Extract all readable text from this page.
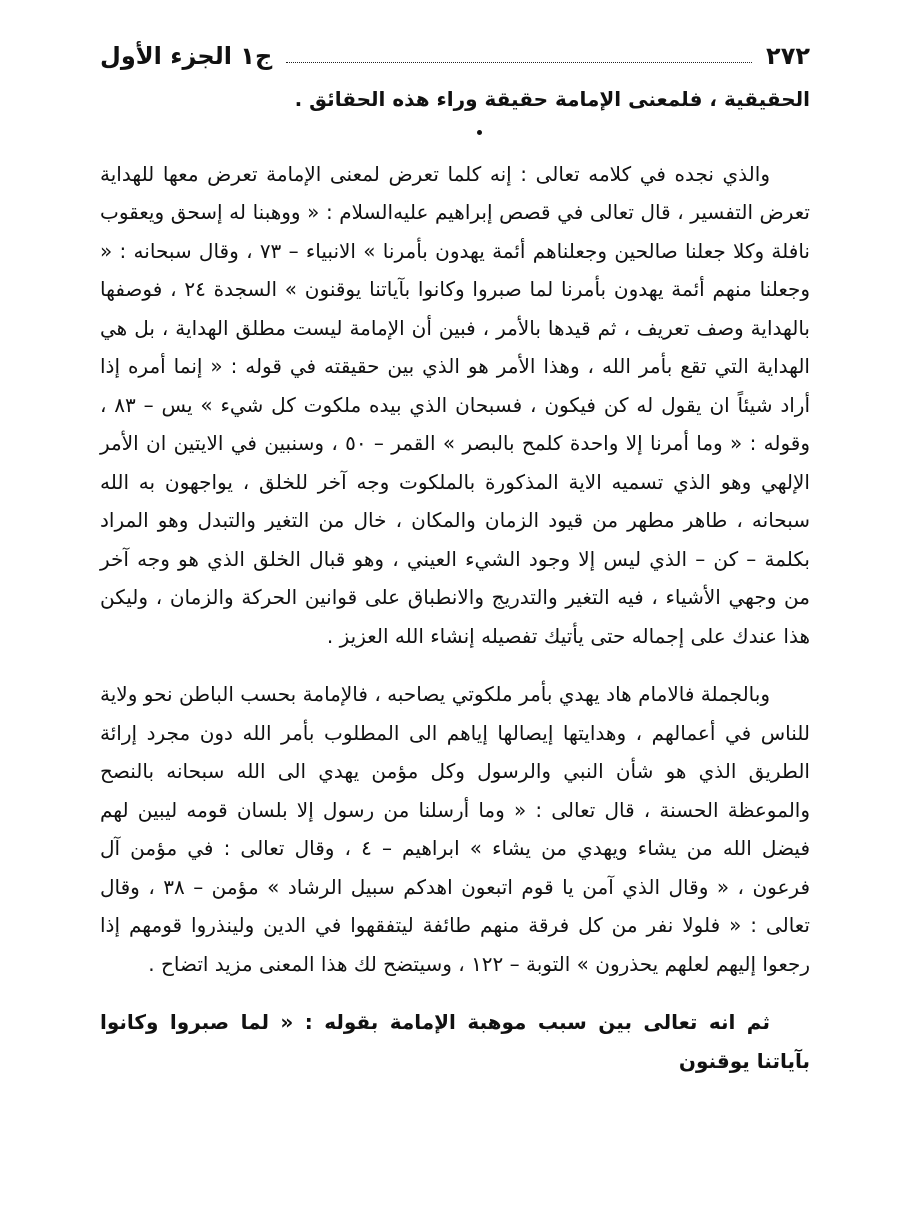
ج١ الجزء الأول	٢٧٢

الحقيقية ، فلمعنى الإمامة حقيقة وراء هذه الحقائق .

والذي نجده في كلامه تعالى : إنه كلما تعرض لمعنى الإمامة تعرض معها للهداية تعرض التفسير ، قال تعالى في قصص إبراهيم عليه‌السلام : « ووهبنا له إسحق ويعقوب نافلة وكلا جعلنا صالحين وجعلناهم أئمة يهدون بأمرنا » الانبياء – ٧٣ ، وقال سبحانه : « وجعلنا منهم أئمة يهدون بأمرنا لما صبروا وكانوا بآياتنا يوقنون » السجدة ٢٤ ، فوصفها بالهداية وصف تعريف ، ثم قيدها بالأمر ، فبين أن الإمامة ليست مطلق الهداية ، بل هي الهداية التي تقع بأمر الله ، وهذا الأمر هو الذي بين حقيقته في قوله : « إنما أمره إذا أراد شيئاً ان يقول له كن فيكون ، فسبحان الذي بيده ملكوت كل شيء » يس – ٨٣ ، وقوله : « وما أمرنا إلا واحدة كلمح بالبصر » القمر – ٥٠ ، وسنبين في الايتين ان الأمر الإلهي وهو الذي تسميه الاية المذكورة بالملكوت وجه آخر للخلق ، يواجهون به الله سبحانه ، طاهر مطهر من قيود الزمان والمكان ، خال من التغير والتبدل وهو المراد بكلمة – كن – الذي ليس إلا وجود الشيء العيني ، وهو قبال الخلق الذي هو وجه آخر من وجهي الأشياء ، فيه التغير والتدريج والانطباق على قوانين الحركة والزمان ، وليكن هذا عندك على إجماله حتى يأتيك تفصيله إنشاء الله العزيز .

وبالجملة فالامام هاد يهدي بأمر ملكوتي يصاحبه ، فالإمامة بحسب الباطن نحو ولاية للناس في أعمالهم ، وهدايتها إيصالها إياهم الى المطلوب بأمر الله دون مجرد إرائة الطريق الذي هو شأن النبي والرسول وكل مؤمن يهدي الى الله سبحانه بالنصح والموعظة الحسنة ، قال تعالى : « وما أرسلنا من رسول إلا بلسان قومه ليبين لهم فيضل الله من يشاء ويهدي من يشاء » ابراهيم – ٤ ، وقال تعالى : في مؤمن آل فرعون ، « وقال الذي آمن يا قوم اتبعون اهدكم سبيل الرشاد » مؤمن – ٣٨ ، وقال تعالى : « فلولا نفر من كل فرقة منهم طائفة ليتفقهوا في الدين ولينذروا قومهم إذا رجعوا إليهم لعلهم يحذرون » التوبة – ١٢٢ ، وسيتضح لك هذا المعنى مزيد اتضاح .

ثم انه تعالى بين سبب موهبة الإمامة بقوله : « لما صبروا وكانوا بآياتنا يوقنون
